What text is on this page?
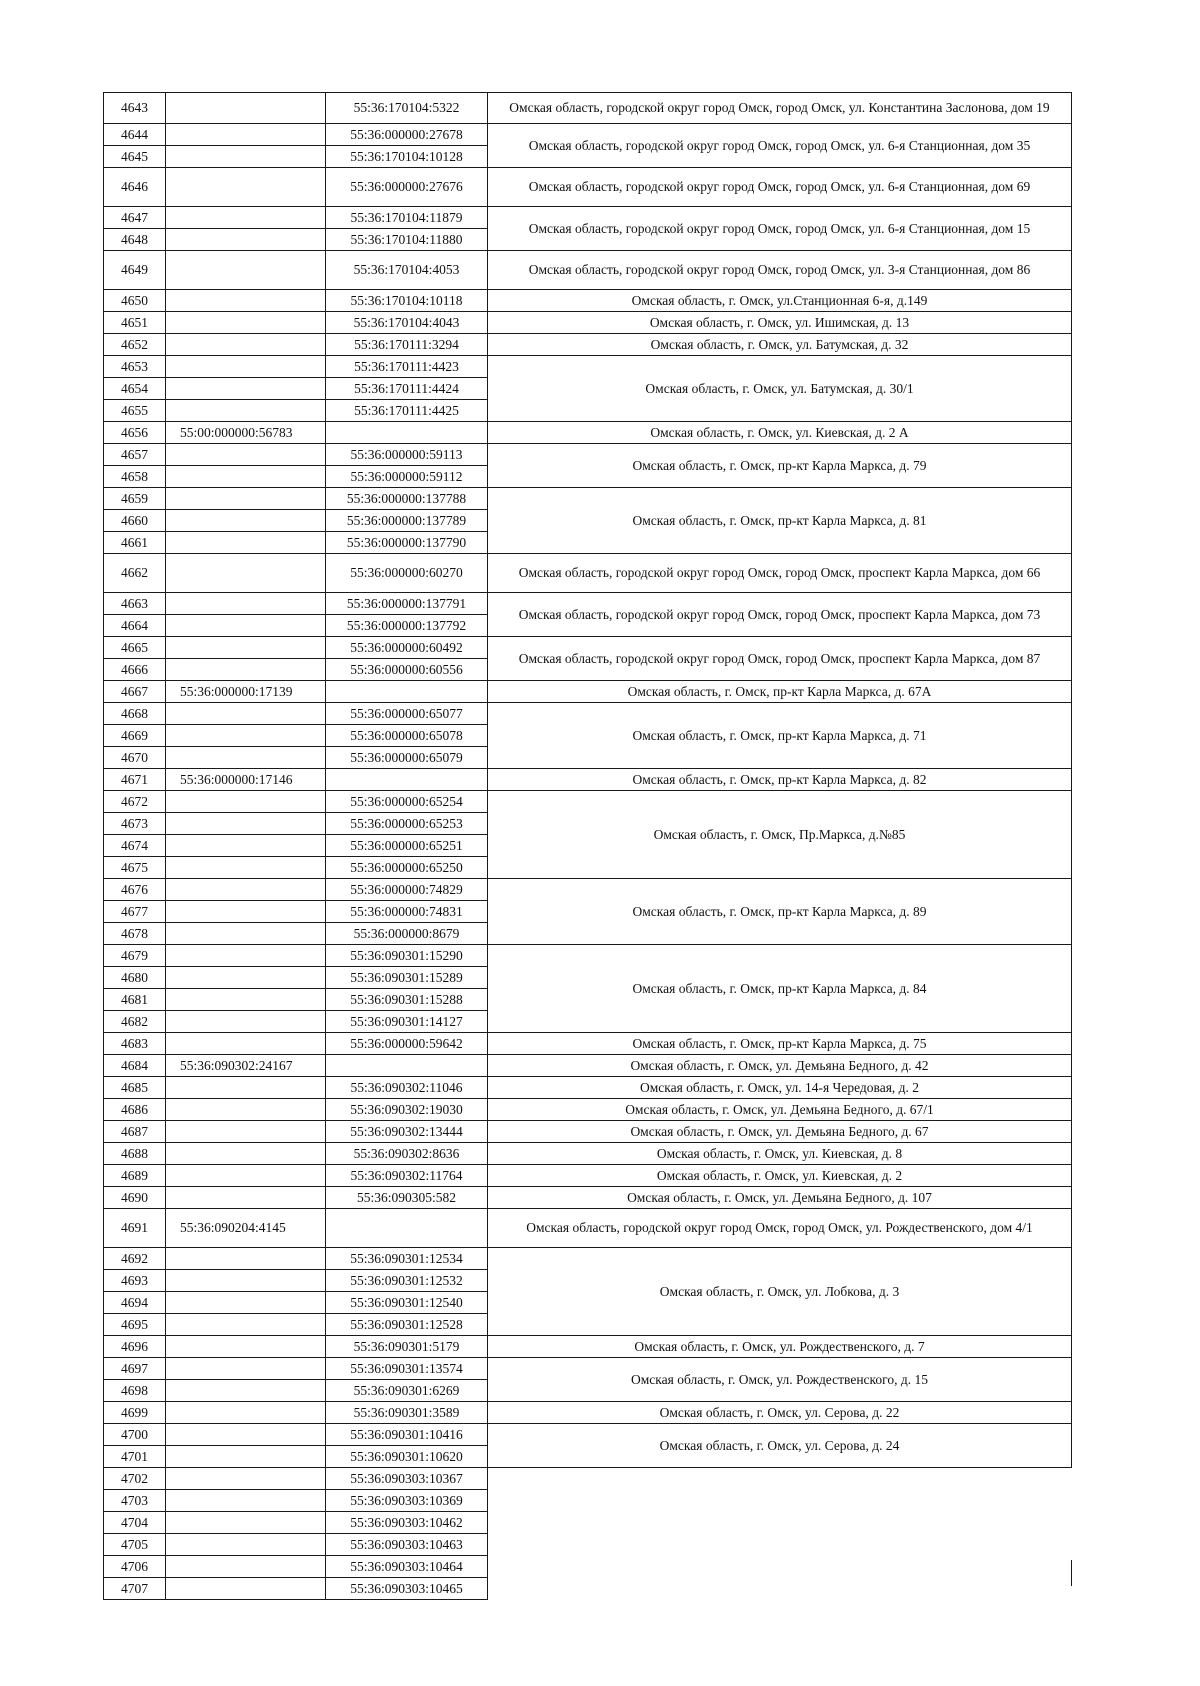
4643		55:36:170104:5322	Омская область, городской округ город Омск, город Омск, ул. Константина Заслонова, дом 19
4644		55:36:000000:27678	Омская область, городской округ город Омск, город Омск, ул. 6-я Станционная, дом 35
4645		55:36:170104:10128	
4646		55:36:000000:27676	Омская область, городской округ город Омск, город Омск, ул. 6-я Станционная, дом 69
4647		55:36:170104:11879	Омская область, городской округ город Омск, город Омск, ул. 6-я Станционная, дом 15
4648		55:36:170104:11880	
4649		55:36:170104:4053	Омская область, городской округ город Омск, город Омск, ул. 3-я Станционная, дом 86
4650		55:36:170104:10118	Омская область, г. Омск, ул.Станционная 6-я, д.149
4651		55:36:170104:4043	Омская область, г. Омск, ул. Ишимская, д. 13
4652		55:36:170111:3294	Омская область, г. Омск, ул. Батумская, д. 32
4653		55:36:170111:4423	Омская область, г. Омск, ул. Батумская, д. 30/1
4654		55:36:170111:4424	
4655		55:36:170111:4425	
4656	55:00:000000:56783		Омская область, г. Омск, ул. Киевская, д. 2 А
4657		55:36:000000:59113	Омская область, г. Омск, пр-кт Карла Маркса, д. 79
4658		55:36:000000:59112	
4659		55:36:000000:137788	Омская область, г. Омск, пр-кт Карла Маркса, д. 81
4660		55:36:000000:137789	
4661		55:36:000000:137790	
4662		55:36:000000:60270	Омская область, городской округ город Омск, город Омск, проспект Карла Маркса, дом 66
4663		55:36:000000:137791	Омская область, городской округ город Омск, город Омск, проспект Карла Маркса, дом 73
4664		55:36:000000:137792	
4665		55:36:000000:60492	Омская область, городской округ город Омск, город Омск, проспект Карла Маркса, дом 87
4666		55:36:000000:60556	
4667	55:36:000000:17139		Омская область, г. Омск, пр-кт Карла Маркса, д. 67А
4668		55:36:000000:65077	Омская область, г. Омск, пр-кт Карла Маркса, д. 71
4669		55:36:000000:65078	
4670		55:36:000000:65079	
4671	55:36:000000:17146		Омская область, г. Омск, пр-кт Карла Маркса, д. 82
4672		55:36:000000:65254	Омская область, г. Омск, Пр.Маркса, д.№85
4673		55:36:000000:65253	
4674		55:36:000000:65251	
4675		55:36:000000:65250	
4676		55:36:000000:74829	Омская область, г. Омск, пр-кт Карла Маркса, д. 89
4677		55:36:000000:74831	
4678		55:36:000000:8679	
4679		55:36:090301:15290	Омская область, г. Омск, пр-кт Карла Маркса, д. 84
4680		55:36:090301:15289	
4681		55:36:090301:15288	
4682		55:36:090301:14127	
4683		55:36:000000:59642	Омская область, г. Омск, пр-кт Карла Маркса, д. 75
4684	55:36:090302:24167		Омская область, г. Омск, ул. Демьяна Бедного, д. 42
4685		55:36:090302:11046	Омская область, г. Омск, ул. 14-я Чередовая, д. 2
4686		55:36:090302:19030	Омская область, г. Омск, ул. Демьяна Бедного, д. 67/1
4687		55:36:090302:13444	Омская область, г. Омск, ул. Демьяна Бедного, д. 67
4688		55:36:090302:8636	Омская область, г. Омск, ул. Киевская, д. 8
4689		55:36:090302:11764	Омская область, г. Омск, ул. Киевская, д. 2
4690		55:36:090305:582	Омская область, г. Омск, ул. Демьяна Бедного, д. 107
4691	55:36:090204:4145		Омская область, городской округ город Омск, город Омск, ул. Рождественского, дом 4/1
4692		55:36:090301:12534	Омская область, г. Омск, ул. Лобкова, д. 3
4693		55:36:090301:12532	
4694		55:36:090301:12540	
4695		55:36:090301:12528	
4696		55:36:090301:5179	Омская область, г. Омск, ул. Рождественского, д. 7
4697		55:36:090301:13574	Омская область, г. Омск, ул. Рождественского, д. 15
4698		55:36:090301:6269	
4699		55:36:090301:3589	Омская область, г. Омск, ул. Серова, д. 22
4700		55:36:090301:10416	Омская область, г. Омск, ул. Серова, д. 24
4701		55:36:090301:10620	
4702		55:36:090303:10367	
4703		55:36:090303:10369	
4704		55:36:090303:10462	
4705		55:36:090303:10463	
4706		55:36:090303:10464	
4707		55:36:090303:10465	
